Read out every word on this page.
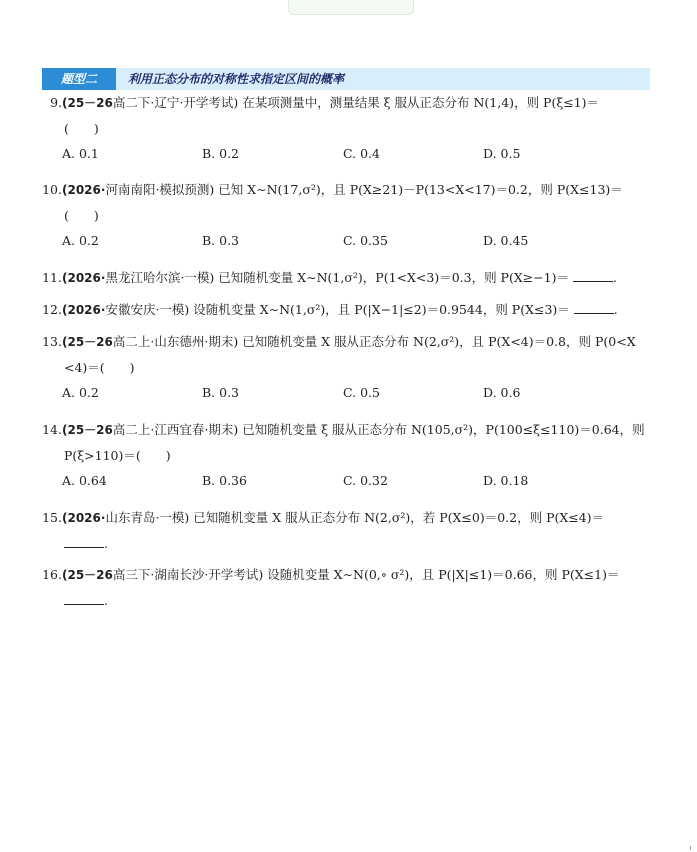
题型二	利用正态分布的对称性求指定区间的概率
9.(25－26高二下·辽宁·开学考试) 在某项测量中，测量结果 ξ 服从正态分布 N(1,4)，则 P(ξ≤1)＝
(　　)
A. 0.1	B. 0.2	C. 0.4	D. 0.5
10.(2026·河南南阳·模拟预测) 已知 X∼N(17,σ²)，且 P(X≥21)－P(13<X<17)＝0.2，则 P(X≤13)＝
(　　)
A. 0.2	B. 0.3	C. 0.35	D. 0.45
11.(2026·黑龙江哈尔滨·一模) 已知随机变量 X∼N(1,σ²)，P(1<X<3)＝0.3，则 P(X≥−1)＝	.
12.(2026·安徽安庆·一模) 设随机变量 X∼N(1,σ²)，且 P(|X−1|≤2)＝0.9544，则 P(X≤3)＝	.
13.(25－26高二上·山东德州·期末) 已知随机变量 X 服从正态分布 N(2,σ²)，且 P(X<4)＝0.8，则 P(0<X
<4)＝(　　)
A. 0.2	B. 0.3	C. 0.5	D. 0.6
14.(25－26高二上·江西宜春·期末) 已知随机变量 ξ 服从正态分布 N(105,σ²)，P(100≤ξ≤110)＝0.64，则
P(ξ>110)＝(　　)
A. 0.64	B. 0.36	C. 0.32	D. 0.18
15.(2026·山东青岛·一模) 已知随机变量 X 服从正态分布 N(2,σ²)，若 P(X≤0)＝0.2，则 P(X≤4)＝
.
16.(25－26高三下·湖南长沙·开学考试) 设随机变量 X∼N(0,∘ σ²)，且 P(|X|≤1)＝0.66，则 P(X≤1)＝
.
